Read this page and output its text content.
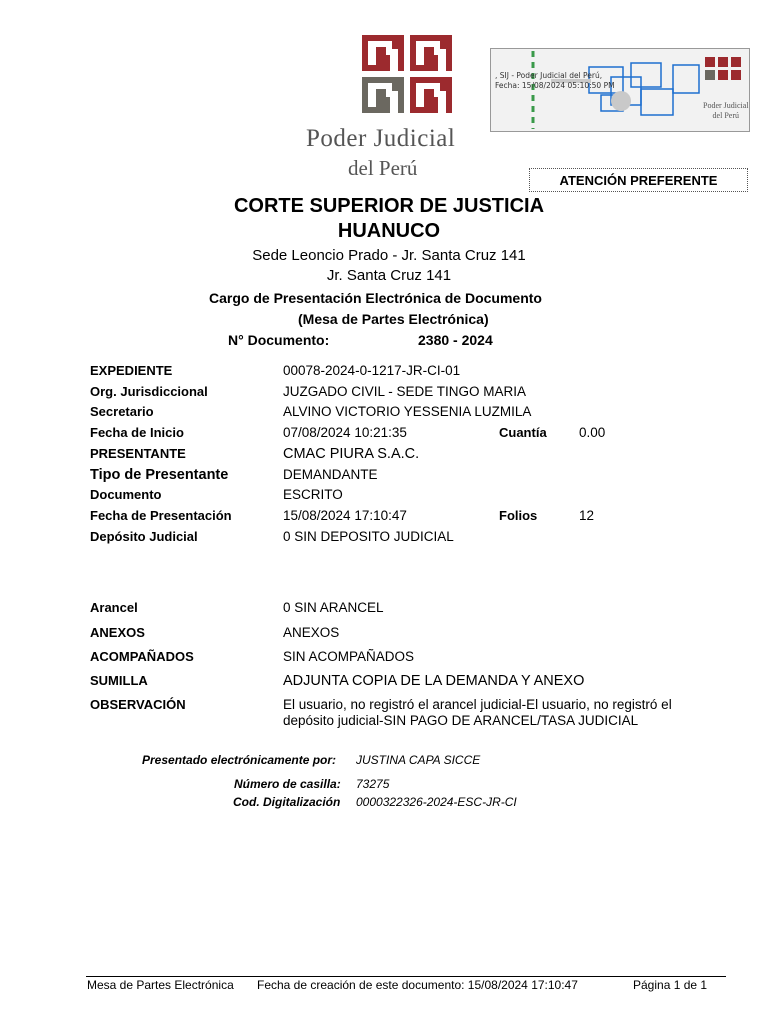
Poder Judicial
del Perú
, SIJ - Poder Judicial del Perú,
Fecha: 15/08/2024 05:10:50 PM
Poder Judicial
del Perú
ATENCIÓN PREFERENTE
CORTE SUPERIOR DE JUSTICIA
HUANUCO
Sede Leoncio Prado - Jr. Santa Cruz 141
Jr. Santa Cruz 141
Cargo de Presentación Electrónica de Documento
(Mesa de Partes Electrónica)
N° Documento:	2380 - 2024
EXPEDIENTE	00078-2024-0-1217-JR-CI-01
Org. Jurisdiccional	JUZGADO CIVIL - SEDE TINGO MARIA
Secretario	ALVINO VICTORIO YESSENIA LUZMILA
Fecha de Inicio	07/08/2024 10:21:35	Cuantía 0.00
PRESENTANTE	CMAC PIURA S.A.C.
Tipo de Presentante	DEMANDANTE
Documento	ESCRITO
Fecha de Presentación	15/08/2024 17:10:47	Folios	12
Depósito Judicial	0 SIN DEPOSITO JUDICIAL
Arancel	0 SIN ARANCEL
ANEXOS	ANEXOS
ACOMPAÑADOS	SIN ACOMPAÑADOS
SUMILLA	ADJUNTA COPIA DE LA DEMANDA Y ANEXO
OBSERVACIÓN	El usuario, no registró el arancel judicial-El usuario, no registró el
depósito judicial-SIN PAGO DE ARANCEL/TASA JUDICIAL
Presentado electrónicamente por: JUSTINA CAPA SICCE
Número de casilla: 73275
Cod. Digitalización 0000322326-2024-ESC-JR-CI
Mesa de Partes Electrónica Fecha de creación de este documento: 15/08/2024 17:10:47	Página 1 de 1
